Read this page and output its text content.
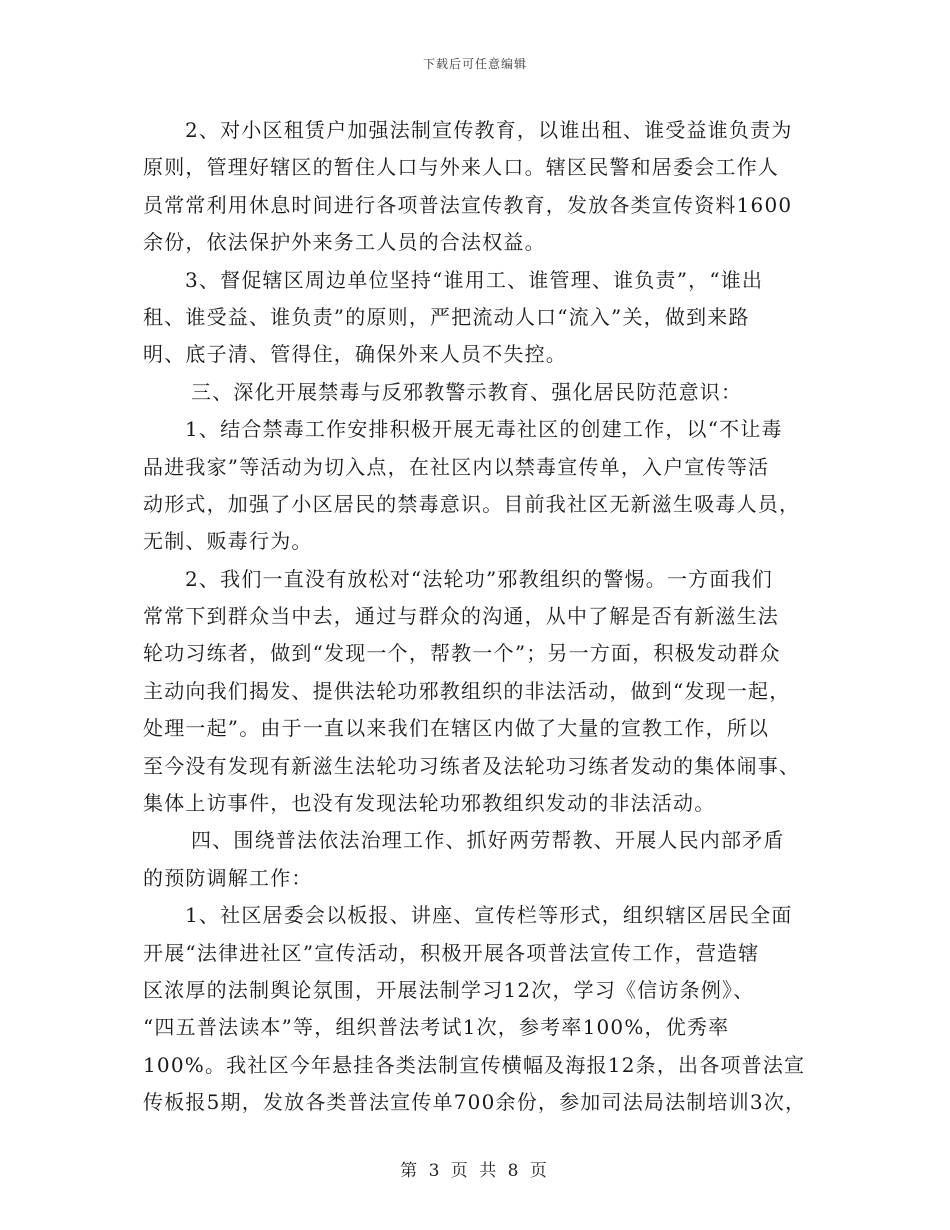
下载后可任意编辑
2、对小区租赁户加强法制宣传教育，以谁出租、谁受益谁负责为
原则，管理好辖区的暂住人口与外来人口。辖区民警和居委会工作人
员常常利用休息时间进行各项普法宣传教育，发放各类宣传资料1600
余份，依法保护外来务工人员的合法权益。
3、督促辖区周边单位坚持“谁用工、谁管理、谁负责”，“谁出
租、谁受益、谁负责”的原则，严把流动人口“流入”关，做到来路
明、底子清、管得住，确保外来人员不失控。
三、深化开展禁毒与反邪教警示教育、强化居民防范意识：
1、结合禁毒工作安排积极开展无毒社区的创建工作，以“不让毒
品进我家”等活动为切入点，在社区内以禁毒宣传单，入户宣传等活
动形式，加强了小区居民的禁毒意识。目前我社区无新滋生吸毒人员，
无制、贩毒行为。
2、我们一直没有放松对“法轮功”邪教组织的警惕。一方面我们
常常下到群众当中去，通过与群众的沟通，从中了解是否有新滋生法
轮功习练者，做到“发现一个，帮教一个”；另一方面，积极发动群众
主动向我们揭发、提供法轮功邪教组织的非法活动，做到“发现一起，
处理一起”。由于一直以来我们在辖区内做了大量的宣教工作，所以
至今没有发现有新滋生法轮功习练者及法轮功习练者发动的集体闹事、
集体上访事件，也没有发现法轮功邪教组织发动的非法活动。
四、围绕普法依法治理工作、抓好两劳帮教、开展人民内部矛盾
的预防调解工作：
1、社区居委会以板报、讲座、宣传栏等形式，组织辖区居民全面
开展“法律进社区”宣传活动，积极开展各项普法宣传工作，营造辖
区浓厚的法制舆论氛围，开展法制学习12次，学习《信访条例》、
“四五普法读本”等，组织普法考试1次，参考率100%，优秀率
100%。我社区今年悬挂各类法制宣传横幅及海报12条，出各项普法宣
传板报5期，发放各类普法宣传单700余份，参加司法局法制培训3次，
第 3 页 共 8 页
